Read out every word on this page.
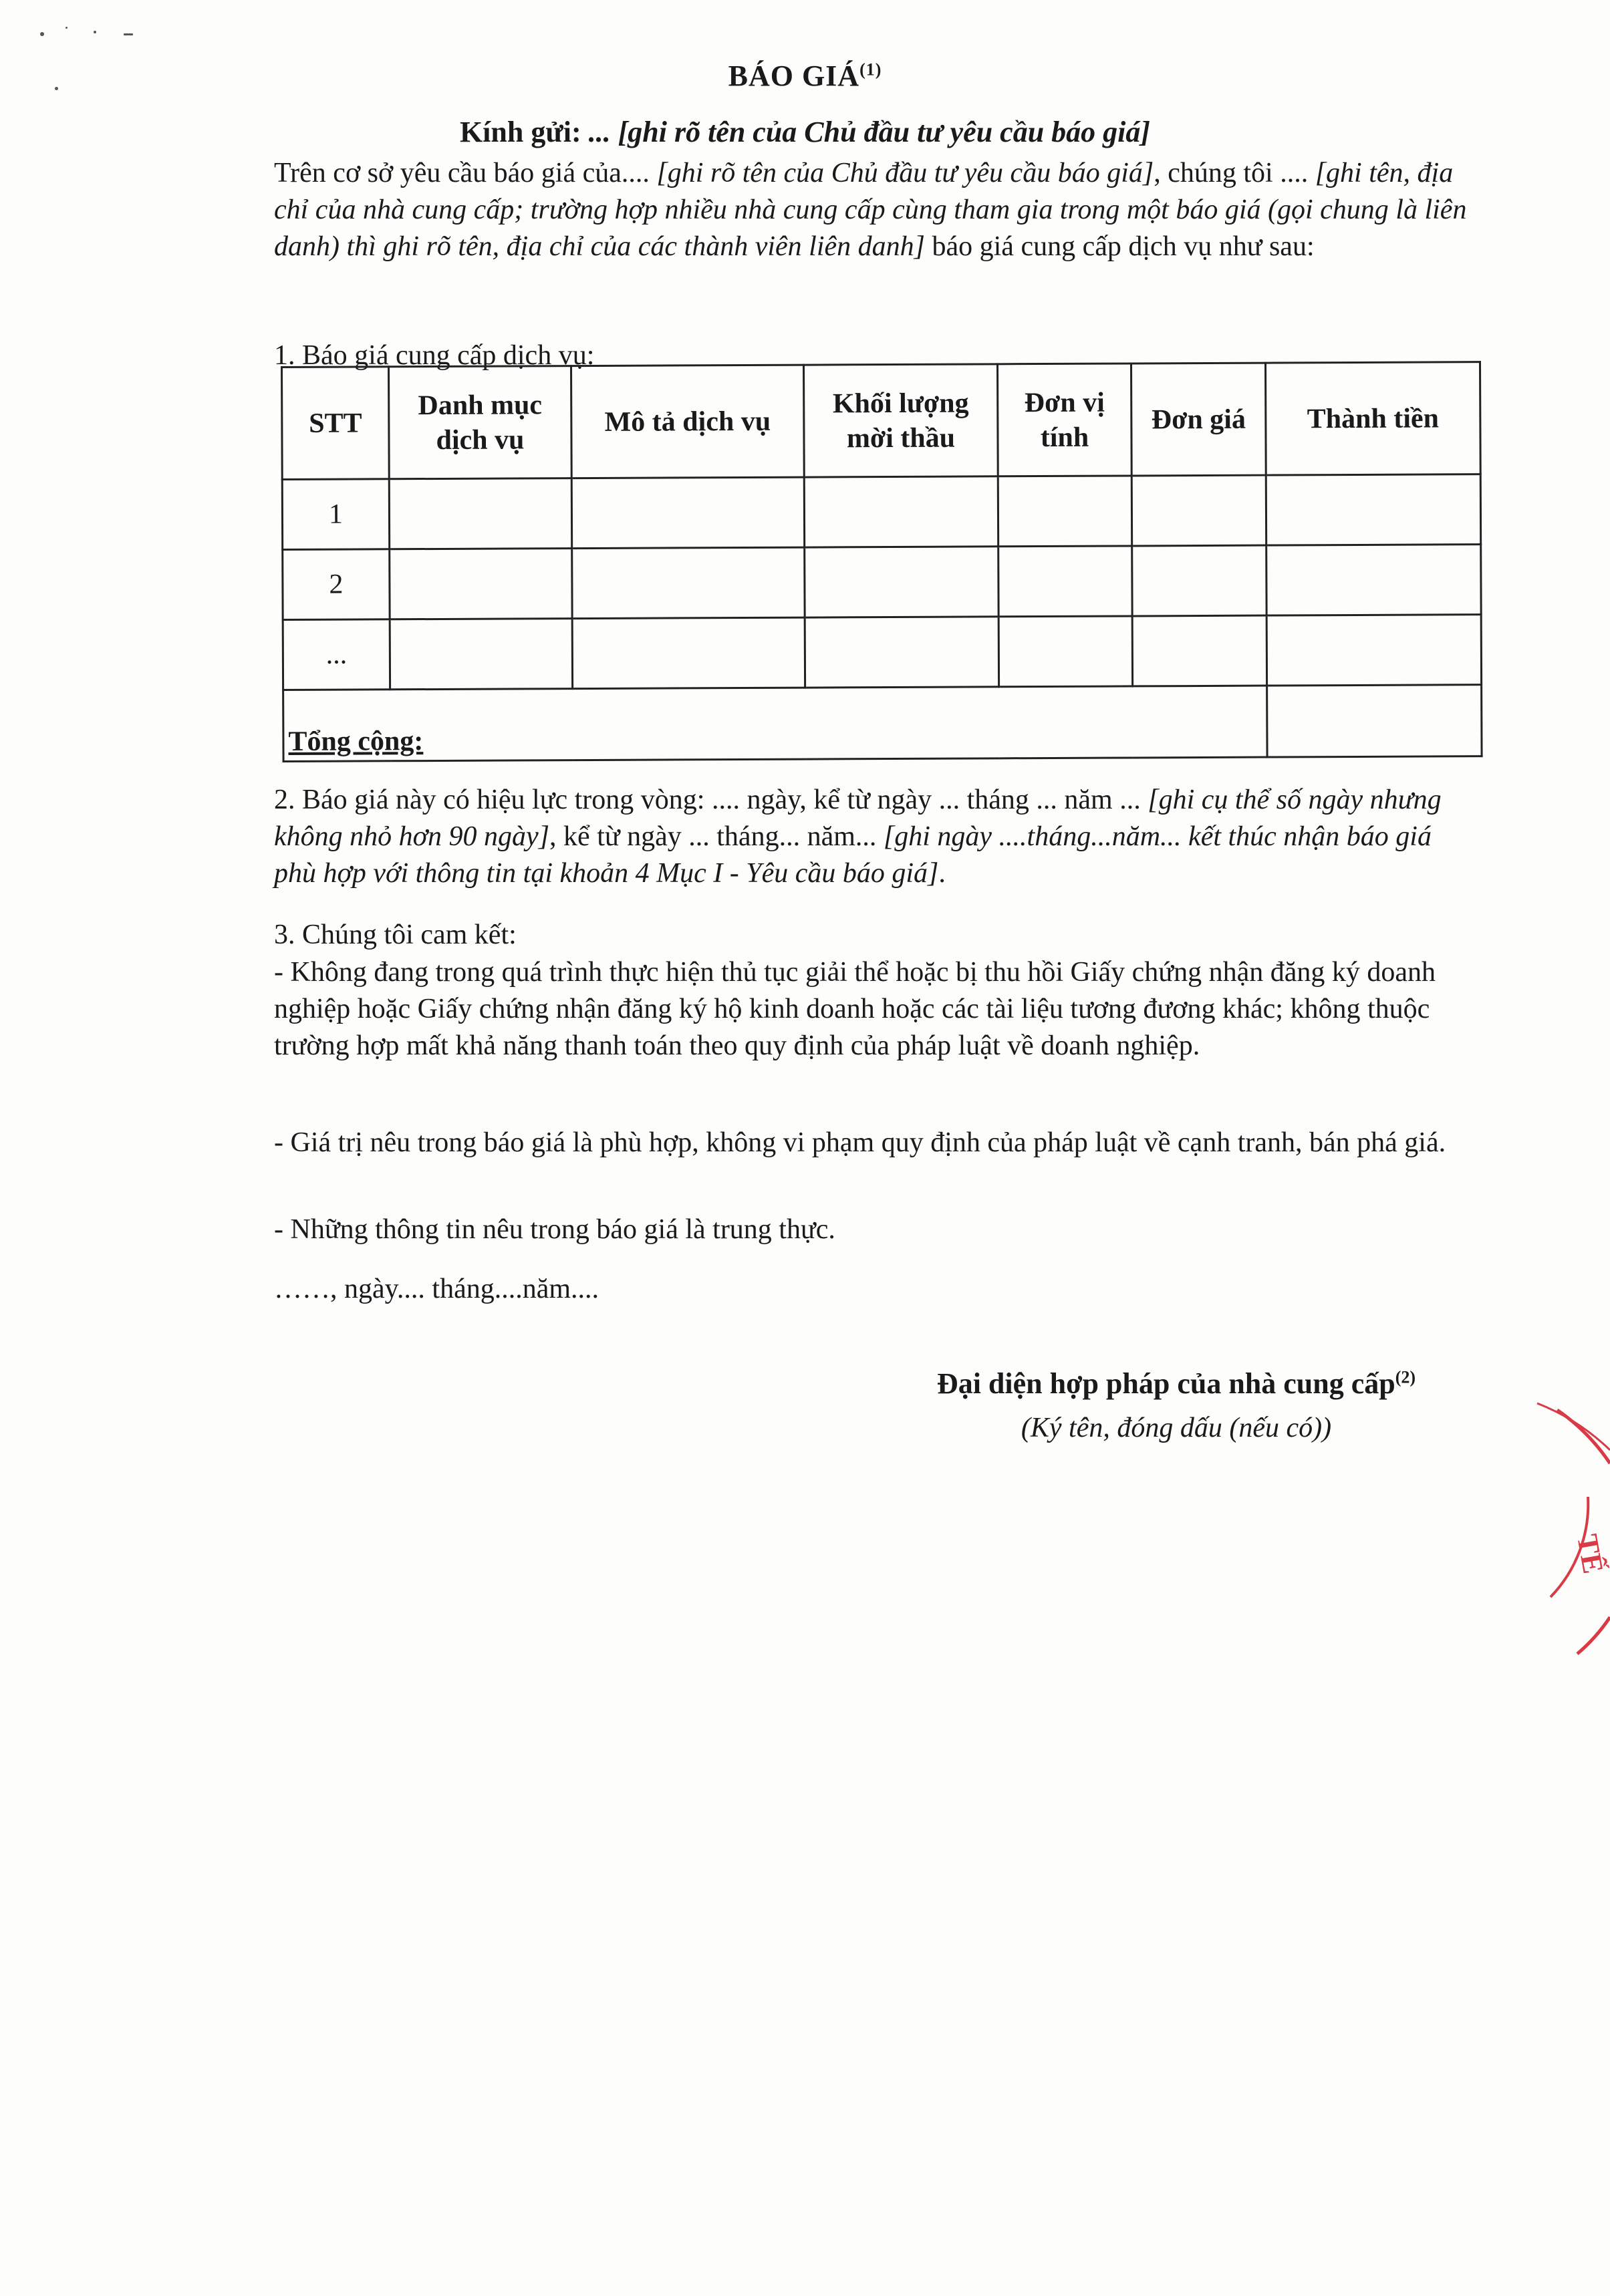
BÁO GIÁ$^{(1)}$
Kính gửi: ... [ghi rõ tên của Chủ đầu tư yêu cầu báo giá]

Trên cơ sở yêu cầu báo giá của.... [ghi rõ tên của Chủ đầu tư yêu cầu báo giá], chúng tôi .... [ghi tên, địa chỉ của nhà cung cấp; trường hợp nhiều nhà cung cấp cùng tham gia trong một báo giá (gọi chung là liên danh) thì ghi rõ tên, địa chỉ của các thành viên liên danh] báo giá cung cấp dịch vụ như sau:

1. Báo giá cung cấp dịch vụ:

STT	Danh mục dịch vụ	Mô tả dịch vụ	Khối lượng mời thầu	Đơn vị tính	Đơn giá	Thành tiền
1						
2						
...						
Tổng cộng:						

2. Báo giá này có hiệu lực trong vòng: .... ngày, kể từ ngày ... tháng ... năm ... [ghi cụ thể số ngày nhưng không nhỏ hơn 90 ngày], kể từ ngày ... tháng... năm... [ghi ngày ....tháng...năm... kết thúc nhận báo giá phù hợp với thông tin tại khoản 4 Mục I - Yêu cầu báo giá].

3. Chúng tôi cam kết:

- Không đang trong quá trình thực hiện thủ tục giải thể hoặc bị thu hồi Giấy chứng nhận đăng ký doanh nghiệp hoặc Giấy chứng nhận đăng ký hộ kinh doanh hoặc các tài liệu tương đương khác; không thuộc trường hợp mất khả năng thanh toán theo quy định của pháp luật về doanh nghiệp.

- Giá trị nêu trong báo giá là phù hợp, không vi phạm quy định của pháp luật về cạnh tranh, bán phá giá.

- Những thông tin nêu trong báo giá là trung thực.

……, ngày.... tháng....năm....

Đại diện hợp pháp của nhà cung cấp$^{(2)}$
(Ký tên, đóng dấu (nếu có))
TẾ
